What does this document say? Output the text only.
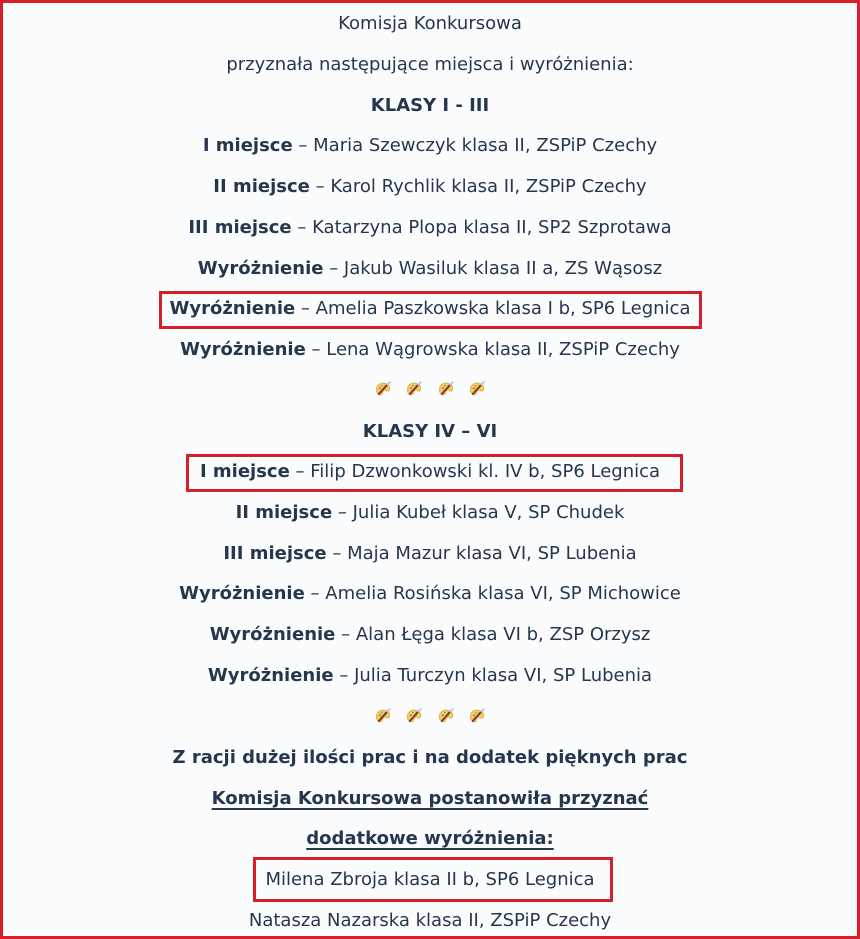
Komisja Konkursowa
przyznała następujące miejsca i wyróżnienia:
KLASY I - III
I miejsce – Maria Szewczyk klasa II, ZSPiP Czechy
II miejsce – Karol Rychlik klasa II, ZSPiP Czechy
III miejsce – Katarzyna Plopa klasa II, SP2 Szprotawa
Wyróżnienie – Jakub Wasiluk klasa II a, ZS Wąsosz
Wyróżnienie – Amelia Paszkowska klasa I b, SP6 Legnica
Wyróżnienie – Lena Wągrowska klasa II, ZSPiP Czechy

KLASY IV – VI
I miejsce – Filip Dzwonkowski kl. IV b, SP6 Legnica
II miejsce – Julia Kubeł klasa V, SP Chudek
III miejsce – Maja Mazur klasa VI, SP Lubenia
Wyróżnienie – Amelia Rosińska klasa VI, SP Michowice
Wyróżnienie – Alan Łęga klasa VI b, ZSP Orzysz
Wyróżnienie – Julia Turczyn klasa VI, SP Lubenia

Z racji dużej ilości prac i na dodatek pięknych prac
Komisja Konkursowa postanowiła przyznać
dodatkowe wyróżnienia:
Milena Zbroja klasa II b, SP6 Legnica
Natasza Nazarska klasa II, ZSPiP Czechy
